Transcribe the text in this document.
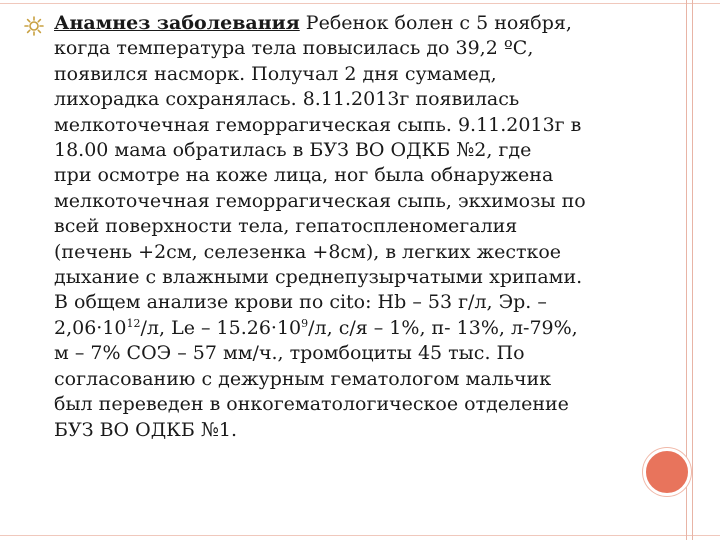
Анамнез заболевания Ребенок болен с 5 ноября,
когда температура тела повысилась до 39,2 ºС,
появился насморк. Получал 2 дня сумамед,
лихорадка сохранялась. 8.11.2013г появилась
мелкоточечная геморрагическая сыпь. 9.11.2013г в
18.00 мама обратилась в БУЗ ВО ОДКБ №2, где
при осмотре на коже лица, ног была обнаружена
мелкоточечная геморрагическая сыпь, экхимозы по
всей поверхности тела, гепатоспленомегалия
(печень +2см, селезенка +8см), в легких жесткое
дыхание с влажными среднепузырчатыми хрипами.
В общем анализе крови по cito: Hb – 53 г/л, Эр. –
$2,06\cdot 10^{12}/л$, $Le - 15.26\cdot 10^9/л$, с/я – 1%, п- 13%, л-79%,
м – 7% СОЭ – 57 мм/ч., тромбоциты 45 тыс. По
согласованию с дежурным гематологом мальчик
был переведен в онкогематологическое отделение
БУЗ ВО ОДКБ №1.
